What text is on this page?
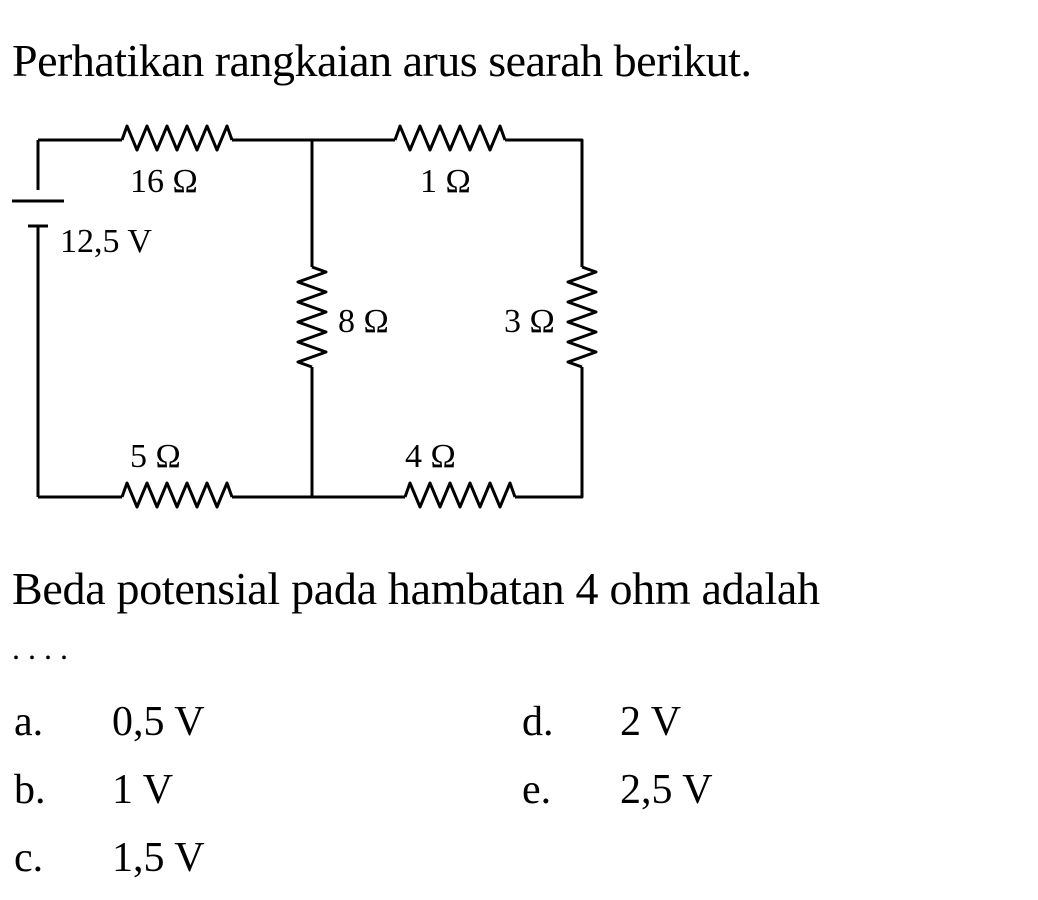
Perhatikan rangkaian arus searah berikut.
12,5 V
16 Ω	1 Ω
8 Ω	3 Ω
5 Ω	4 Ω
Beda potensial pada hambatan 4 ohm adalah
....
a. 0,5 V
b. 1 V
c. 1,5 V
d. 2 V
e. 2,5 V
